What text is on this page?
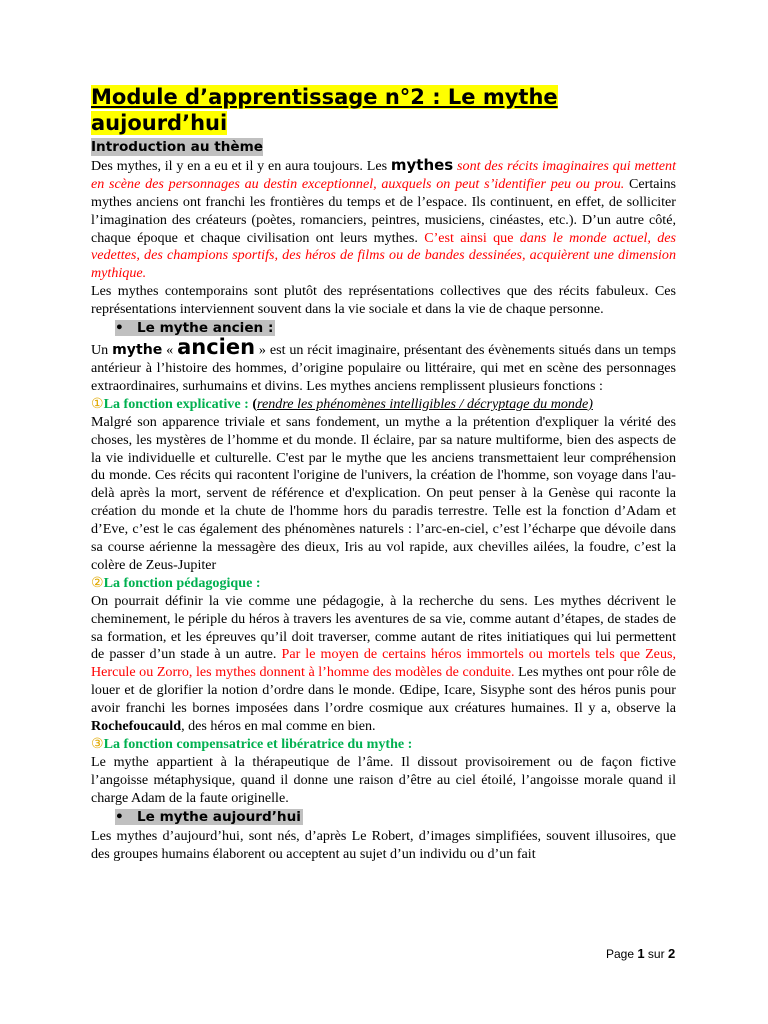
Module d’apprentissage n°2 : Le mythe
aujourd’hui
Introduction au thème

Des mythes, il y en a eu et il y en aura toujours. Les mythes sont des récits imaginaires qui mettent en scène des personnages au destin exceptionnel, auxquels on peut s’identifier peu ou prou. Certains mythes anciens ont franchi les frontières du temps et de l’espace. Ils continuent, en effet, de solliciter l’imagination des créateurs (poètes, romanciers, peintres, musiciens, cinéastes, etc.). D’un autre côté, chaque époque et chaque civilisation ont leurs mythes. C’est ainsi que dans le monde actuel, des vedettes, des champions sportifs, des héros de films ou de bandes dessinées, acquièrent une dimension mythique.

Les mythes contemporains sont plutôt des représentations collectives que des récits fabuleux. Ces représentations interviennent souvent dans la vie sociale et dans la vie de chaque personne.

• Le mythe ancien :

Un mythe « ancien » est un récit imaginaire, présentant des évènements situés dans un temps antérieur à l’histoire des hommes, d’origine populaire ou littéraire, qui met en scène des personnages extraordinaires, surhumains et divins. Les mythes anciens remplissent plusieurs fonctions :

①La fonction explicative : (rendre les phénomènes intelligibles / décryptage du monde)

Malgré son apparence triviale et sans fondement, un mythe a la prétention d'expliquer la vérité des choses, les mystères de l’homme et du monde. Il éclaire, par sa nature multiforme, bien des aspects de la vie individuelle et culturelle. C'est par le mythe que les anciens transmettaient leur compréhension du monde. Ces récits qui racontent l'origine de l'univers, la création de l'homme, son voyage dans l'au-delà après la mort, servent de référence et d'explication. On peut penser à la Genèse qui raconte la création du monde et la chute de l'homme hors du paradis terrestre. Telle est la fonction d’Adam et d’Eve, c’est le cas également des phénomènes naturels : l’arc-en-ciel, c’est l’écharpe que dévoile dans sa course aérienne la messagère des dieux, Iris au vol rapide, aux chevilles ailées, la foudre, c’est la colère de Zeus-Jupiter

②La fonction pédagogique :

On pourrait définir la vie comme une pédagogie, à la recherche du sens. Les mythes décrivent le cheminement, le périple du héros à travers les aventures de sa vie, comme autant d’étapes, de stades de sa formation, et les épreuves qu’il doit traverser, comme autant de rites initiatiques qui lui permettent de passer d’un stade à un autre. Par le moyen de certains héros immortels ou mortels tels que Zeus, Hercule ou Zorro, les mythes donnent à l’homme des modèles de conduite. Les mythes ont pour rôle de louer et de glorifier la notion d’ordre dans le monde. Œdipe, Icare, Sisyphe sont des héros punis pour avoir franchi les bornes imposées dans l’ordre cosmique aux créatures humaines. Il y a, observe la Rochefoucauld, des héros en mal comme en bien.

③La fonction compensatrice et libératrice du mythe :

Le mythe appartient à la thérapeutique de l’âme. Il dissout provisoirement ou de façon fictive l’angoisse métaphysique, quand il donne une raison d’être au ciel étoilé, l’angoisse morale quand il charge Adam de la faute originelle.

• Le mythe aujourd’hui

Les mythes d’aujourd’hui, sont nés, d’après Le Robert, d’images simplifiées, souvent illusoires, que des groupes humains élaborent ou acceptent au sujet d’un individu ou d’un fait

Page 1 sur 2
